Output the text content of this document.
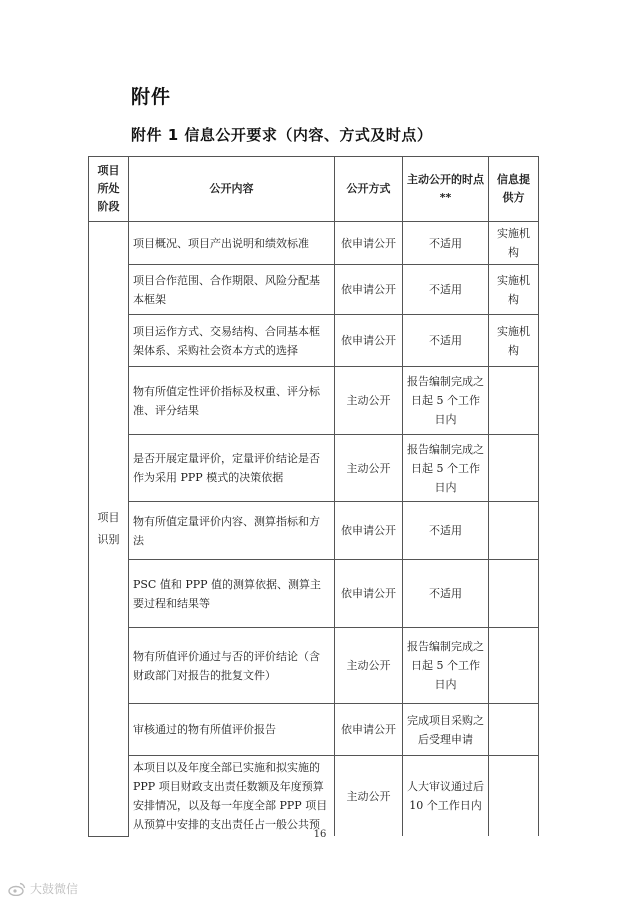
附件
附件 1 信息公开要求（内容、方式及时点）
项目所处阶段	公开内容	公开方式	主动公开的时点**	信息提供方
项目识别	项目概况、项目产出说明和绩效标准	依申请公开	不适用	实施机构
	项目合作范围、合作期限、风险分配基本框架	依申请公开	不适用	实施机构
	项目运作方式、交易结构、合同基本框架体系、采购社会资本方式的选择	依申请公开	不适用	实施机构
	物有所值定性评价指标及权重、评分标准、评分结果	主动公开	报告编制完成之日起 5 个工作日内	
	是否开展定量评价，定量评价结论是否作为采用 PPP 模式的决策依据	主动公开	报告编制完成之日起 5 个工作日内	
	物有所值定量评价内容、测算指标和方法	依申请公开	不适用	
	PSC 值和 PPP 值的测算依据、测算主要过程和结果等	依申请公开	不适用	
	物有所值评价通过与否的评价结论（含财政部门对报告的批复文件）	主动公开	报告编制完成之日起 5 个工作日内	
	审核通过的物有所值评价报告	依申请公开	完成项目采购之后受理申请	
	本项目以及年度全部已实施和拟实施的 PPP 项目财政支出责任数额及年度预算安排情况，以及每一年度全部 PPP 项目从预算中安排的支出责任占一般公共预	主动公开	人大审议通过后 10 个工作日内	
16
大鼓微信
